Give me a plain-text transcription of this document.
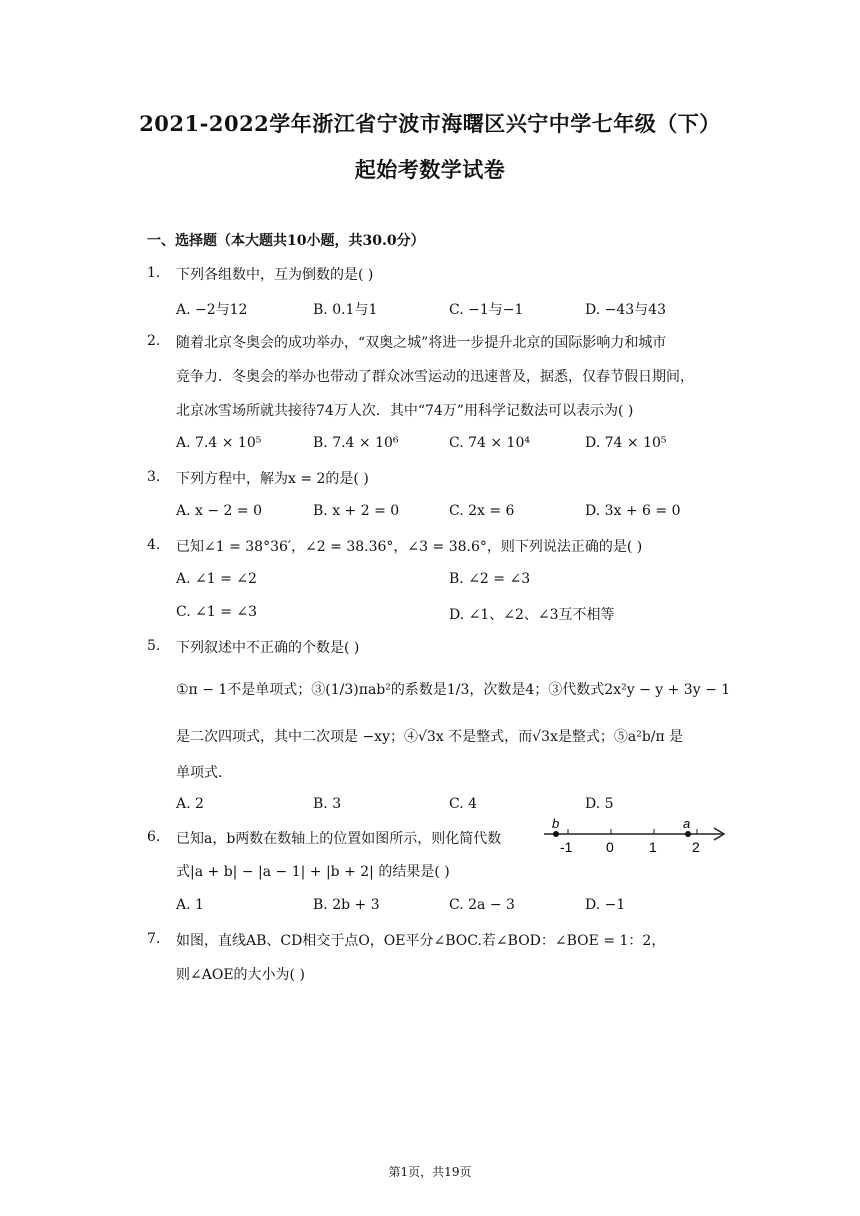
2021-2022学年浙江省宁波市海曙区兴宁中学七年级（下）
起始考数学试卷
一、选择题（本大题共10小题，共30.0分）
1. 下列各组数中，互为倒数的是( )
A. −2与12	B. 0.1与1	C. −1与−1	D. −43与43
2. 随着北京冬奥会的成功举办，“双奥之城”将进一步提升北京的国际影响力和城市
竞争力．冬奥会的举办也带动了群众冰雪运动的迅速普及，据悉，仅春节假日期间，
北京冰雪场所就共接待74万人次．其中“74万”用科学记数法可以表示为( )
A. 7.4 × 10⁵	B. 7.4 × 10⁶	C. 74 × 10⁴	D. 74 × 10⁵
3. 下列方程中，解为x = 2的是( )
A. x − 2 = 0	B. x + 2 = 0	C. 2x = 6	D. 3x + 6 = 0
4. 已知∠1 = 38°36′，∠2 = 38.36°，∠3 = 38.6°，则下列说法正确的是( )
A. ∠1 = ∠2	B. ∠2 = ∠3
C. ∠1 = ∠3	D. ∠1、∠2、∠3互不相等
5. 下列叙述中不正确的个数是( )
①π − 1不是单项式；③(1/3)πab²的系数是1/3，次数是4；③代数式2x²y − y + 3y − 1
是二次四项式，其中二次项是 −xy；④√3x 不是整式，而√3x是整式；⑤a²b/π 是
单项式．
A. 2	B. 3	C. 4	D. 5
6. 已知a，b两数在数轴上的位置如图所示，则化简代数
式|a + b| − |a − 1| + |b + 2| 的结果是( )
b	a
-1 0	1	2
A. 1	B. 2b + 3	C. 2a − 3	D. −1
7. 如图，直线AB、CD相交于点O，OE平分∠BOC.若∠BOD：∠BOE = 1：2，
则∠AOE的大小为( )
第1页，共19页
